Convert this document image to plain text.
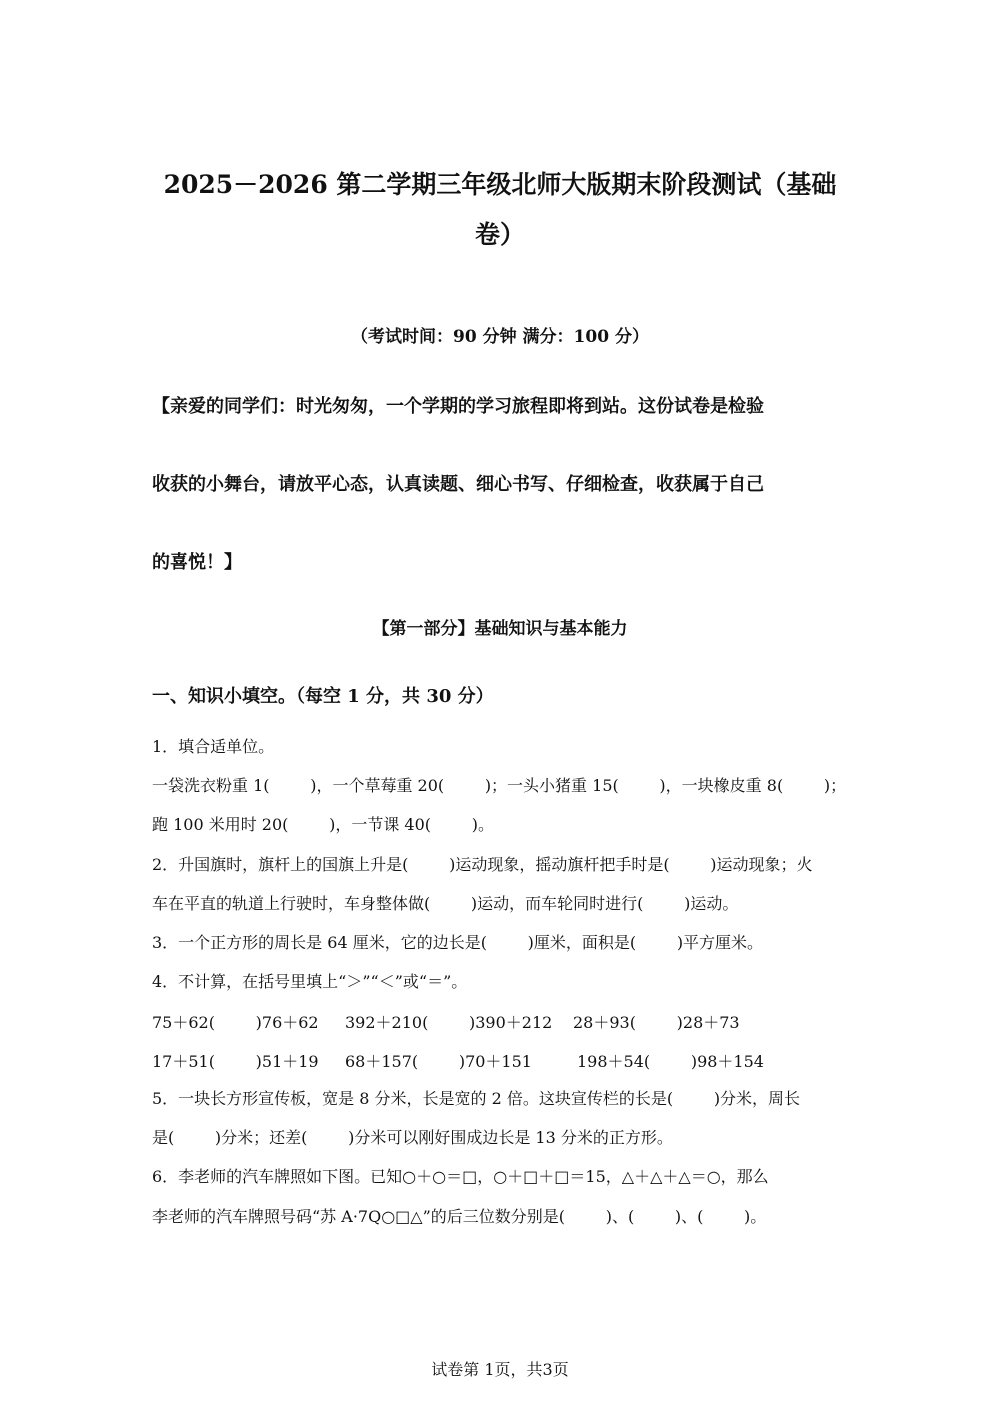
2025－2026 第二学期三年级北师大版期末阶段测试（基础
卷）
（考试时间：90 分钟 满分：100 分）
【亲爱的同学们：时光匆匆，一个学期的学习旅程即将到站。这份试卷是检验
收获的小舞台，请放平心态，认真读题、细心书写、仔细检查，收获属于自己
的喜悦！】
【第一部分】基础知识与基本能力
一、知识小填空。（每空 1 分，共 30 分）
1．填合适单位。
一袋洗衣粉重 1(        )，一个草莓重 20(        )；一头小猪重 15(        )，一块橡皮重 8(        )；
跑 100 米用时 20(        )，一节课 40(        )。
2．升国旗时，旗杆上的国旗上升是(        )运动现象，摇动旗杆把手时是(        )运动现象；火
车在平直的轨道上行驶时，车身整体做(        )运动，而车轮同时进行(        )运动。
3．一个正方形的周长是 64 厘米，它的边长是(        )厘米，面积是(        )平方厘米。
4．不计算，在括号里填上“＞”“＜”或“＝”。
75＋62(        )76＋62 392＋210(        )390＋212 28＋93(        )28＋73
17＋51(        )51＋19 68＋157(        )70＋151	198＋54(        )98＋154
5．一块长方形宣传板，宽是 8 分米，长是宽的 2 倍。这块宣传栏的长是(        )分米，周长
是(        )分米；还差(        )分米可以刚好围成边长是 13 分米的正方形。
6．李老师的汽车牌照如下图。已知○＋○＝□，○＋□＋□＝15，△＋△＋△＝○，那么
李老师的汽车牌照号码“苏 A·7Q○□△”的后三位数分别是(        )、(        )、(        )。
试卷第 1页，共3页
